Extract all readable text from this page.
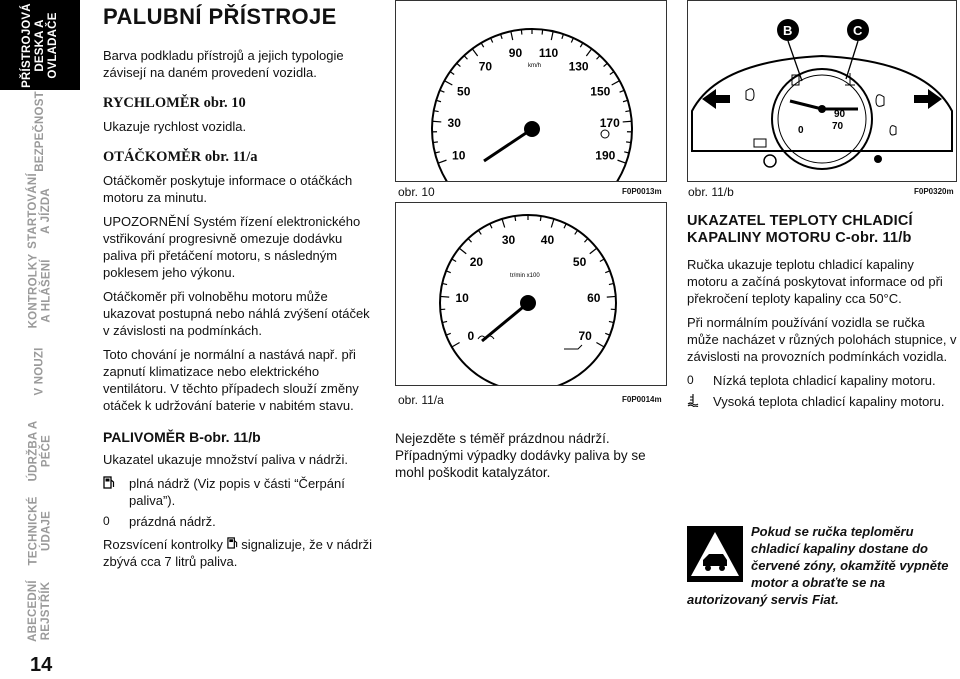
PŘÍSTROJOVÁ DESKA A OVLADAČE
BEZPEČNOST
STARTOVÁNÍ A JÍZDA
KONTROLKY A HLÁŠENÍ
V NOUZI
ÚDRŽBA A PÉČE
TECHNICKÉ ÚDAJE
ABECEDNÍ REJSTŘÍK
14
PALUBNÍ PŘÍSTROJE
Barva podkladu přístrojů a jejich typologie závisejí na daném provedení vozidla.
RYCHLOMĚR obr. 10
Ukazuje rychlost vozidla.
OTÁČKOMĚR obr. 11/a
Otáčkoměr poskytuje informace o otáčkách motoru za minutu.
UPOZORNĚNÍ Systém řízení elektronického vstřikování progresivně omezuje dodávku paliva při přetáčení motoru, s následným poklesem jeho výkonu.
Otáčkoměr při volnoběhu motoru může ukazovat postupná nebo náhlá zvýšení otáček v závislosti na podmínkách.
Toto chování je normální a nastává např. při zapnutí klimatizace nebo elektrického ventilátoru. V těchto případech slouží změny otáček k udržování baterie v nabitém stavu.
PALIVOMĚR B-obr. 11/b
Ukazatel ukazuje množství paliva v nádrži.
plná nádrž (Viz popis v části “Čerpání paliva”).
0	prázdná nádrž.
Rozsvícení kontrolky signalizuje, že v nádrži zbývá cca 7 litrů paliva.
10
30
50
70
90 110
130
150
170
190
km/h
obr. 10	F0P0013m
0
10
20
30 40
50
60
70
tr/min x100
obr. 11/a	F0P0014m
90
70
0
B	C
obr. 11/b	F0P0320m
Nejezděte s téměř prázdnou nádrží. Případnými výpadky dodávky paliva by se mohl poškodit katalyzátor.
UKAZATEL TEPLOTY CHLADICÍ KAPALINY MOTORU C-obr. 11/b
Ručka ukazuje teplotu chladicí kapaliny motoru a začíná poskytovat informace od při překročení teploty kapaliny cca 50°C.
Při normálním používání vozidla se ručka může nacházet v různých polohách stupnice, v závislosti na provozních podmínkách vozidla.
0	Nízká teplota chladicí kapaliny motoru.
Vysoká teplota chladicí kapaliny motoru.
Pokud se ručka teploměru chladicí kapaliny dostane do červené zóny, okamžitě vypněte motor a obraťte se na autorizovaný servis Fiat.
